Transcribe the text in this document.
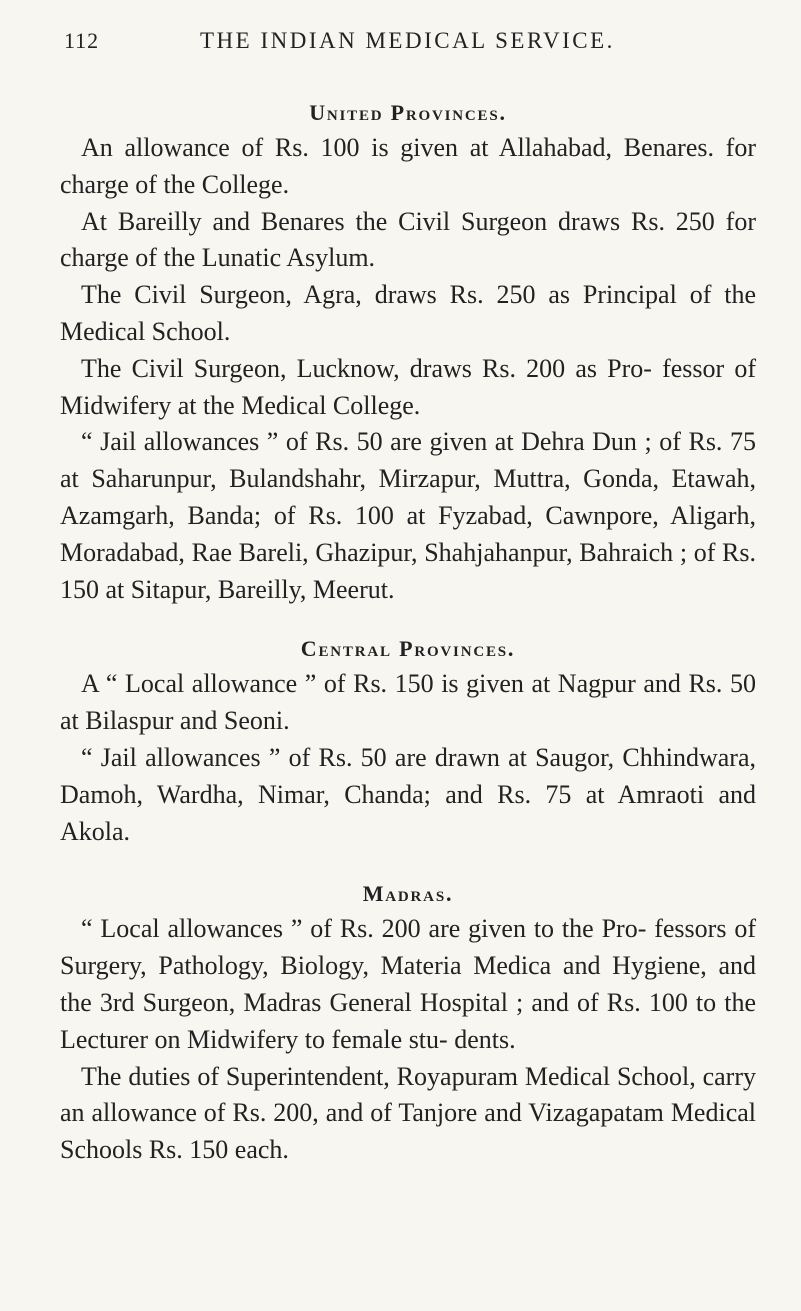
112	THE INDIAN MEDICAL SERVICE.
United Provinces.

An allowance of Rs. 100 is given at Allahabad, Benares. for charge of the College.

At Bareilly and Benares the Civil Surgeon draws Rs. 250 for charge of the Lunatic Asylum.

The Civil Surgeon, Agra, draws Rs. 250 as Principal of the Medical School.

The Civil Surgeon, Lucknow, draws Rs. 200 as Pro- fessor of Midwifery at the Medical College.

“ Jail allowances ” of Rs. 50 are given at Dehra Dun ; of Rs. 75 at Saharunpur, Bulandshahr, Mirzapur, Muttra, Gonda, Etawah, Azamgarh, Banda; of Rs. 100 at Fyzabad, Cawnpore, Aligarh, Moradabad, Rae Bareli, Ghazipur, Shahjahanpur, Bahraich ; of Rs. 150 at Sitapur, Bareilly, Meerut.

Central Provinces.

A “ Local allowance ” of Rs. 150 is given at Nagpur and Rs. 50 at Bilaspur and Seoni.

“ Jail allowances ” of Rs. 50 are drawn at Saugor, Chhindwara, Damoh, Wardha, Nimar, Chanda; and Rs. 75 at Amraoti and Akola.

Madras.

“ Local allowances ” of Rs. 200 are given to the Pro- fessors of Surgery, Pathology, Biology, Materia Medica and Hygiene, and the 3rd Surgeon, Madras General Hospital ; and of Rs. 100 to the Lecturer on Midwifery to female stu- dents.

The duties of Superintendent, Royapuram Medical School, carry an allowance of Rs. 200, and of Tanjore and Vizagapatam Medical Schools Rs. 150 each.
